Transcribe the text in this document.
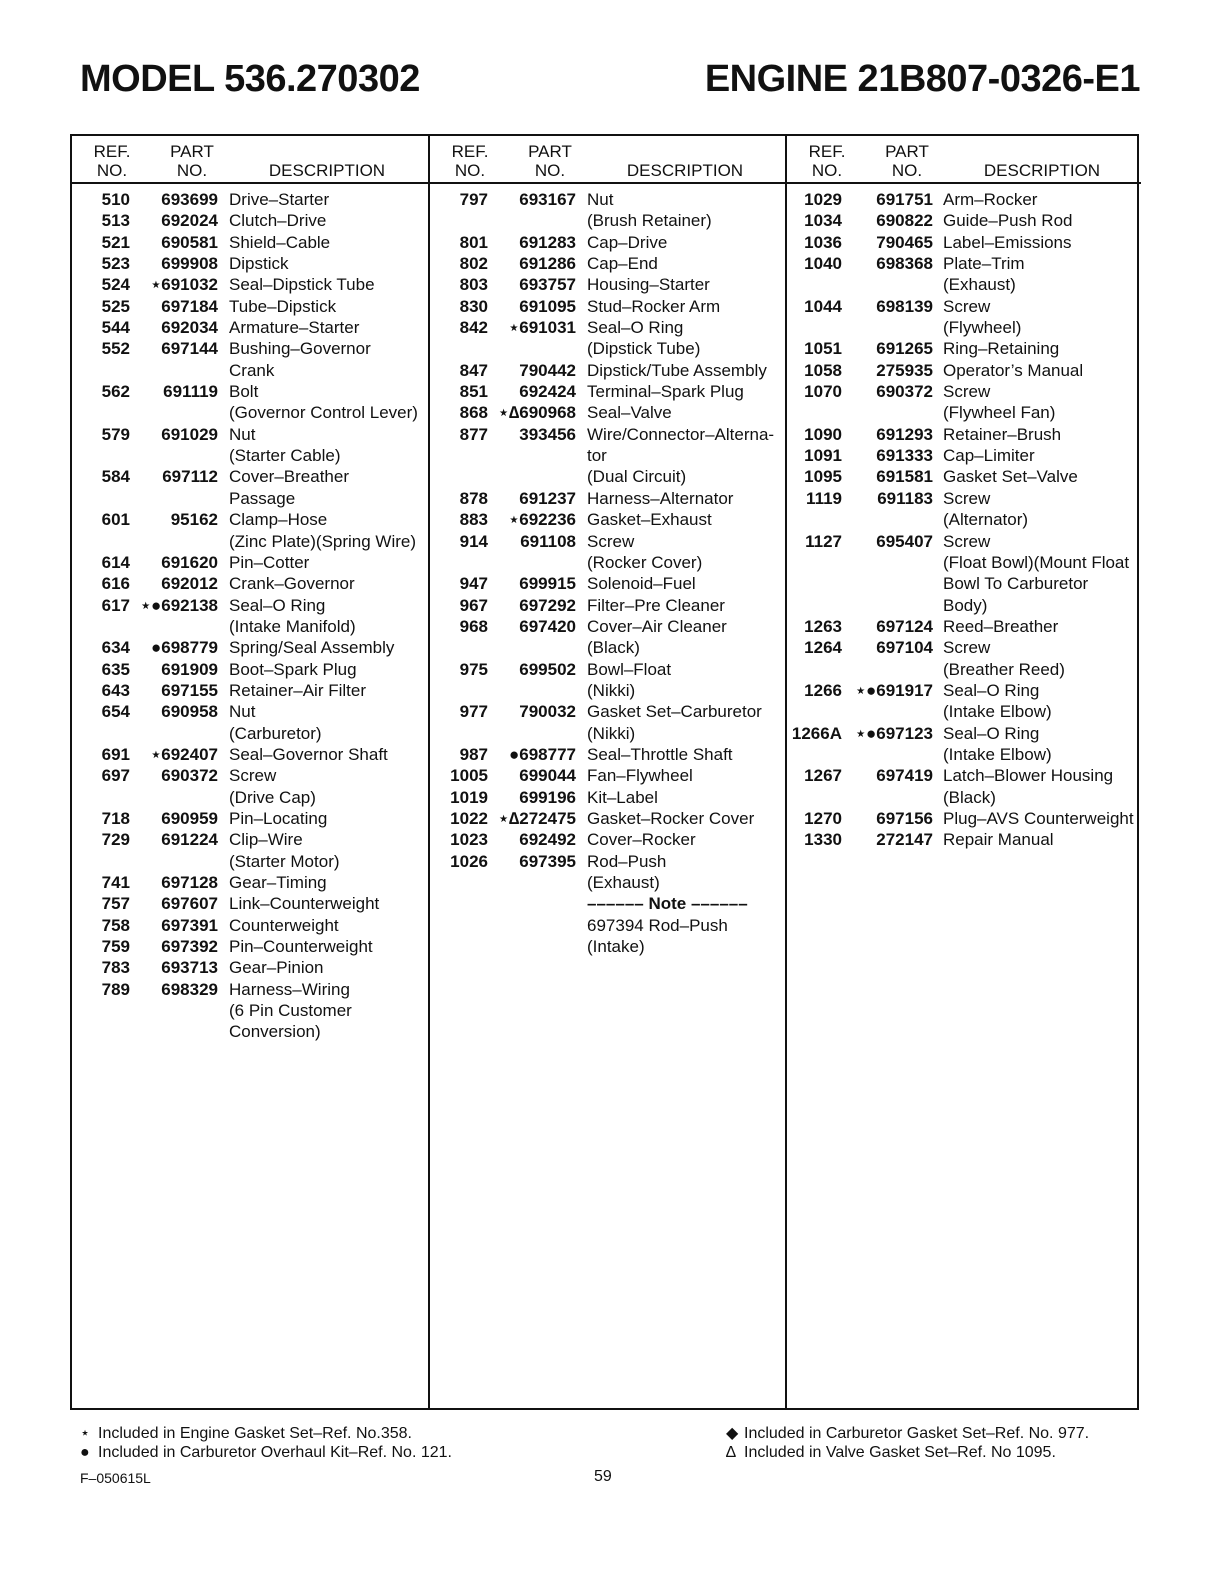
MODEL 536.270302	ENGINE 21B807-0326-E1
REF.
NO.
PART
NO.	DESCRIPTION
510	693699 Drive–Starter
513	692024 Clutch–Drive
521	690581 Shield–Cable
523	699908 Dipstick
524	⋆691032 Seal–Dipstick Tube
525	697184 Tube–Dipstick
544	692034 Armature–Starter
552	697144 Bushing–Governor
Crank
562	691119 Bolt
(Governor Control Lever)
579	691029 Nut
(Starter Cable)
584	697112 Cover–Breather
Passage
601	95162 Clamp–Hose
(Zinc Plate)(Spring Wire)
614	691620 Pin–Cotter
616	692012 Crank–Governor
617 ⋆●692138 Seal–O Ring
(Intake Manifold)
634	●698779 Spring/Seal Assembly
635	691909 Boot–Spark Plug
643	697155 Retainer–Air Filter
654	690958 Nut
(Carburetor)
691	⋆692407 Seal–Governor Shaft
697	690372 Screw
(Drive Cap)
718	690959 Pin–Locating
729	691224 Clip–Wire
(Starter Motor)
741	697128 Gear–Timing
757	697607 Link–Counterweight
758	697391 Counterweight
759	697392 Pin–Counterweight
783	693713 Gear–Pinion
789	698329 Harness–Wiring
(6 Pin Customer
Conversion)
REF.
NO.
PART
NO.	DESCRIPTION
797	693167 Nut
(Brush Retainer)
801	691283 Cap–Drive
802	691286 Cap–End
803	693757 Housing–Starter
830	691095 Stud–Rocker Arm
842	⋆691031 Seal–O Ring
(Dipstick Tube)
847	790442 Dipstick/Tube Assembly
851	692424 Terminal–Spark Plug
868 ⋆∆690968 Seal–Valve
877	393456 Wire/Connector–Alterna-
tor
(Dual Circuit)
878	691237 Harness–Alternator
883	⋆692236 Gasket–Exhaust
914	691108 Screw
(Rocker Cover)
947	699915 Solenoid–Fuel
967	697292 Filter–Pre Cleaner
968	697420 Cover–Air Cleaner
(Black)
975	699502 Bowl–Float
(Nikki)
977	790032 Gasket Set–Carburetor
(Nikki)
987	●698777 Seal–Throttle Shaft
1005	699044 Fan–Flywheel
1019	699196 Kit–Label
1022 ⋆∆272475 Gasket–Rocker Cover
1023	692492 Cover–Rocker
1026	697395 Rod–Push
(Exhaust)
–––––– Note ––––––
697394 Rod–Push
(Intake)
REF.
NO.
PART
NO.	DESCRIPTION
1029	691751 Arm–Rocker
1034	690822 Guide–Push Rod
1036	790465 Label–Emissions
1040	698368 Plate–Trim
(Exhaust)
1044	698139 Screw
(Flywheel)
1051	691265 Ring–Retaining
1058	275935 Operator’s Manual
1070	690372 Screw
(Flywheel Fan)
1090	691293 Retainer–Brush
1091	691333 Cap–Limiter
1095	691581 Gasket Set–Valve
1119	691183 Screw
(Alternator)
1127	695407 Screw
(Float Bowl)(Mount Float
Bowl To Carburetor
Body)
1263	697124 Reed–Breather
1264	697104 Screw
(Breather Reed)
1266 ⋆●691917 Seal–O Ring
(Intake Elbow)
1266A ⋆●697123 Seal–O Ring
(Intake Elbow)
1267	697419 Latch–Blower Housing
(Black)
1270	697156 Plug–AVS Counterweight
1330	272147 Repair Manual
⋆ Included in Engine Gasket Set–Ref. No.358.
● Included in Carburetor Overhaul Kit–Ref. No. 121.
◆ Included in Carburetor Gasket Set–Ref. No. 977.
∆ Included in Valve Gasket Set–Ref. No 1095.
F–050615L	59
